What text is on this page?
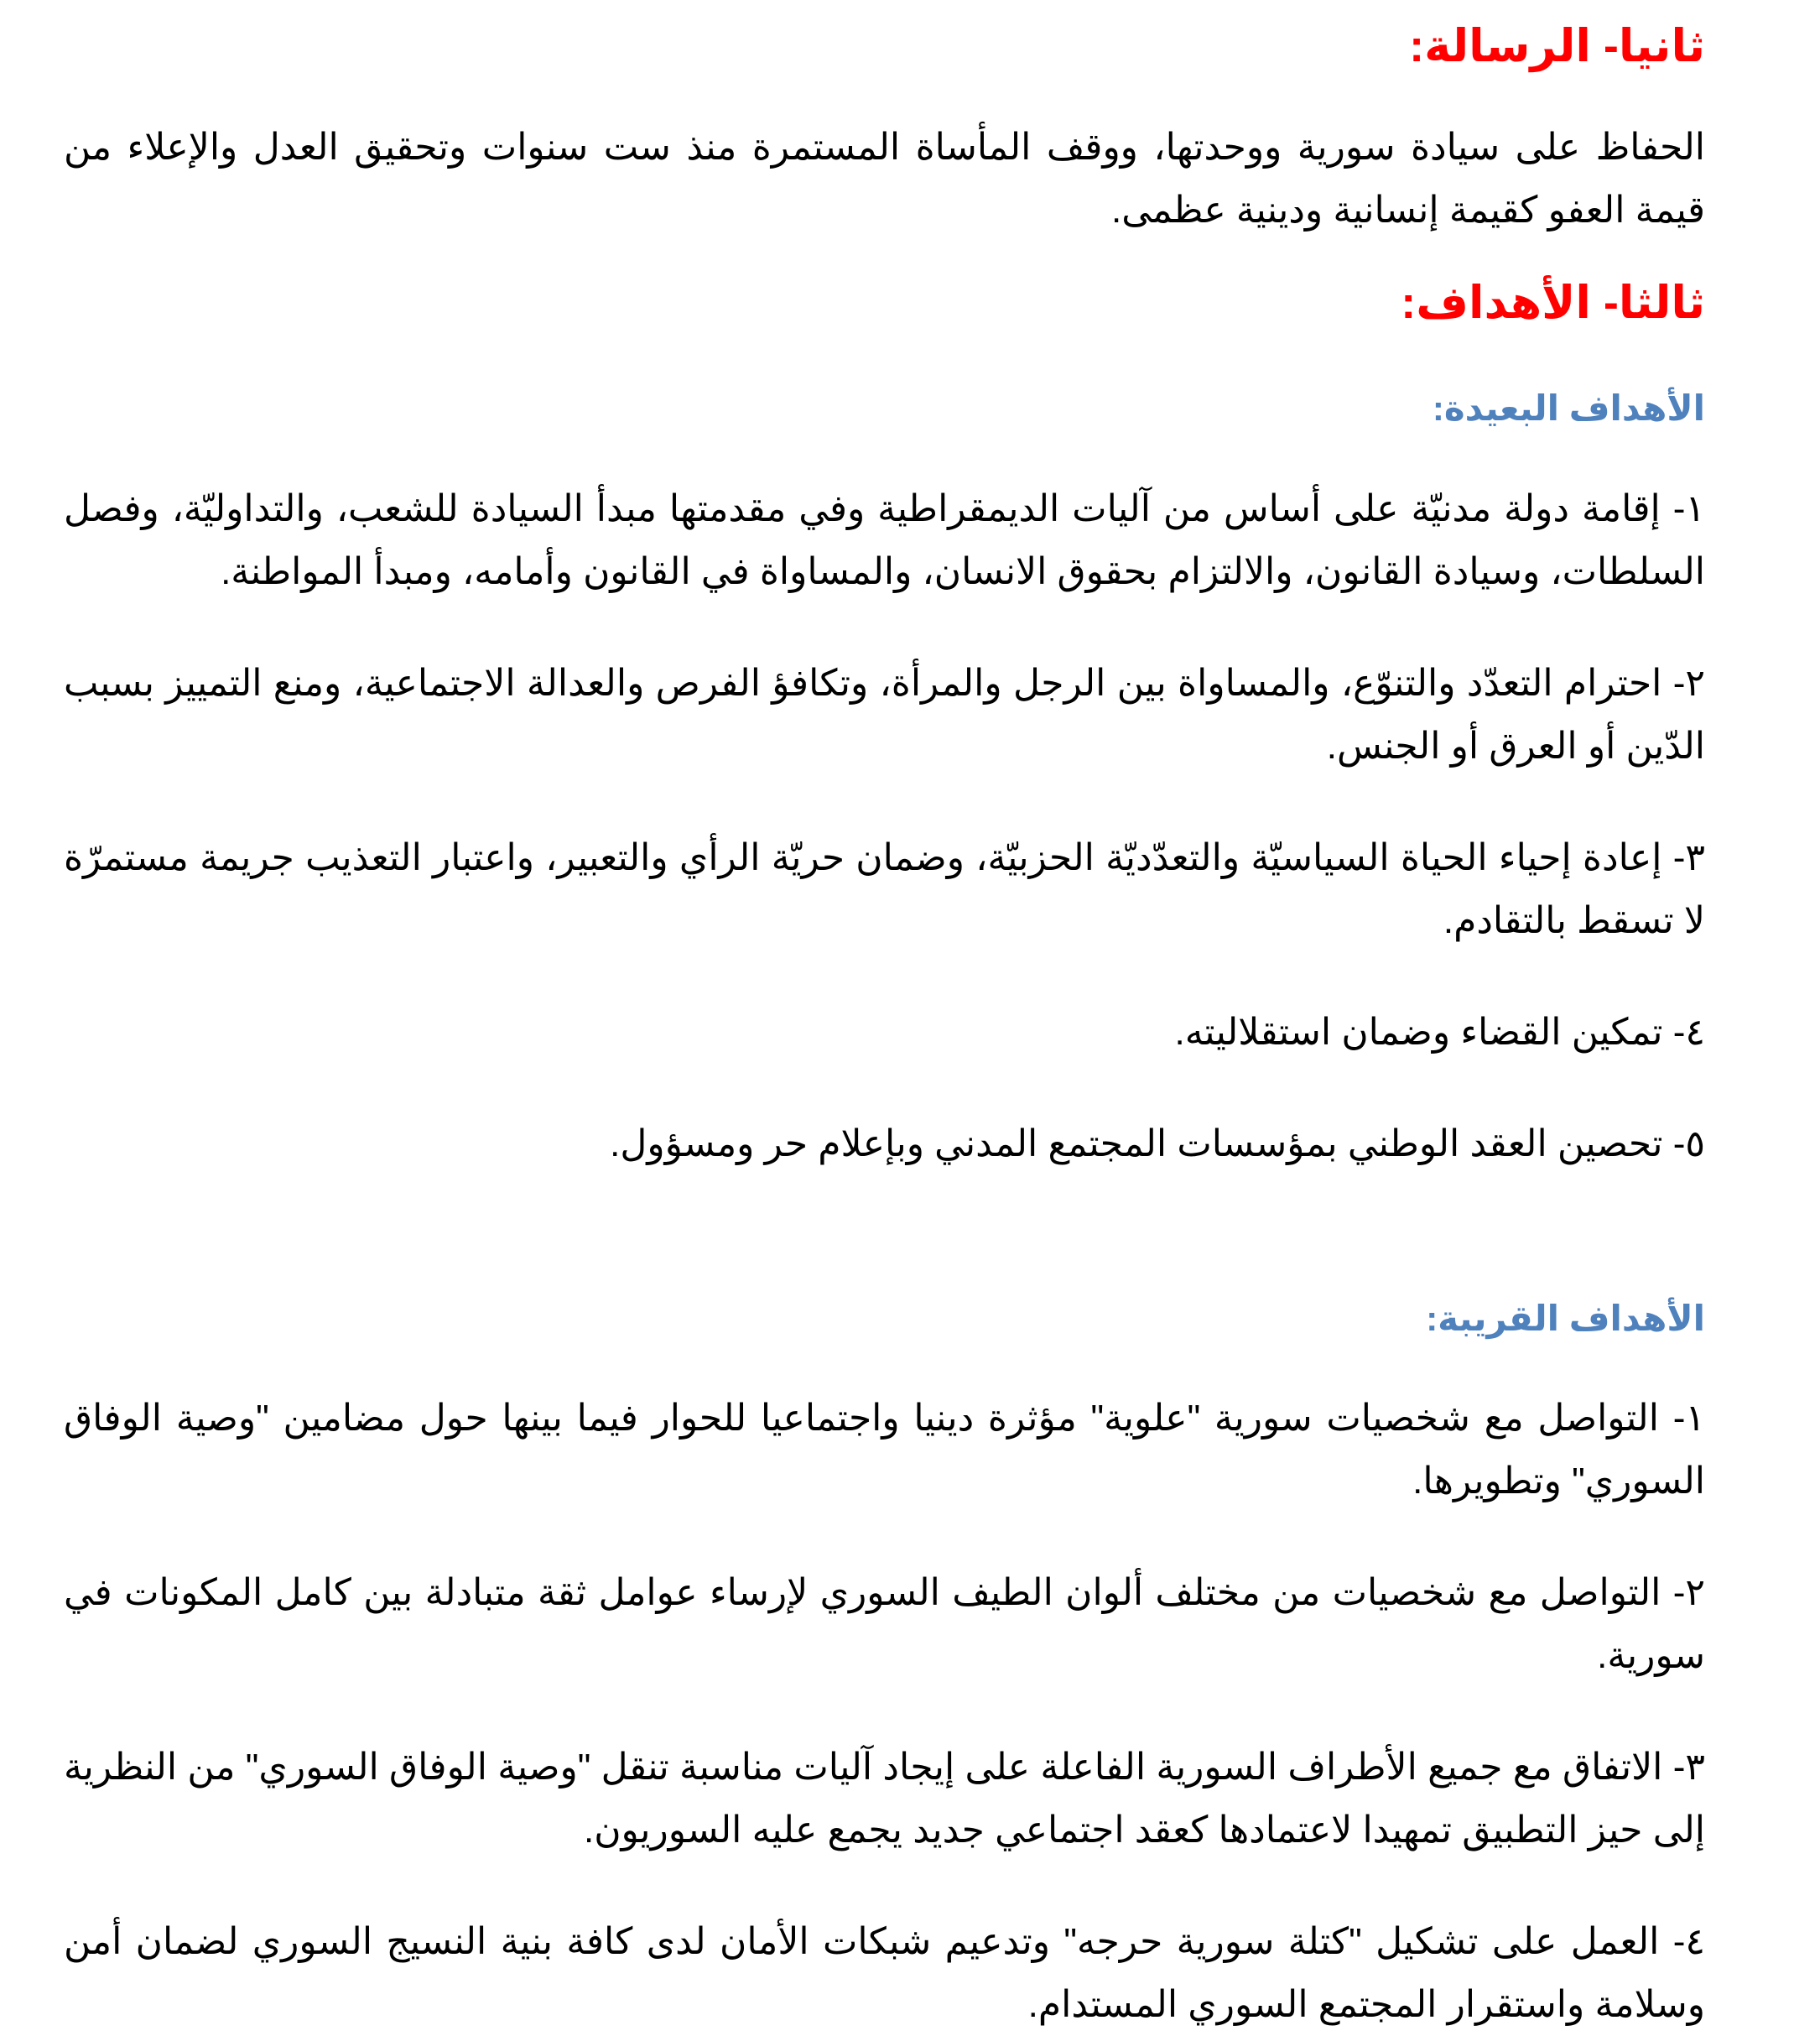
ثانيا- الرسالة:

الحفاظ على سيادة سورية ووحدتها، ووقف المأساة المستمرة منذ ست سنوات وتحقيق العدل والإعلاء من قيمة العفو كقيمة إنسانية ودينية عظمى.

ثالثا- الأهداف:
الأهداف البعيدة:

١- إقامة دولة مدنيّة على أساس من آليات الديمقراطية وفي مقدمتها مبدأ السيادة للشعب، والتداوليّة، وفصل السلطات، وسيادة القانون، والالتزام بحقوق الانسان، والمساواة في القانون وأمامه، ومبدأ المواطنة.

٢- احترام التعدّد والتنوّع، والمساواة بين الرجل والمرأة، وتكافؤ الفرص والعدالة الاجتماعية، ومنع التمييز بسبب الدّين أو العرق أو الجنس.

٣- إعادة إحياء الحياة السياسيّة والتعدّديّة الحزبيّة، وضمان حريّة الرأي والتعبير، واعتبار التعذيب جريمة مستمرّة لا تسقط بالتقادم.

٤- تمكين القضاء وضمان استقلاليته.

٥- تحصين العقد الوطني بمؤسسات المجتمع المدني وبإعلام حر ومسؤول.

الأهداف القريبة:

١- التواصل مع شخصيات سورية "علوية" مؤثرة دينيا واجتماعيا للحوار فيما بينها حول مضامين "وصية الوفاق السوري" وتطويرها.

٢- التواصل مع شخصيات من مختلف ألوان الطيف السوري لإرساء عوامل ثقة متبادلة بين كامل المكونات في سورية.

٣- الاتفاق مع جميع الأطراف السورية الفاعلة على إيجاد آليات مناسبة تنقل "وصية الوفاق السوري" من النظرية إلى حيز التطبيق تمهيدا لاعتمادها كعقد اجتماعي جديد يجمع عليه السوريون.

٤- العمل على تشكيل "كتلة سورية حرجه" وتدعيم شبكات الأمان لدى كافة بنية النسيج السوري لضمان أمن وسلامة واستقرار المجتمع السوري المستدام.
